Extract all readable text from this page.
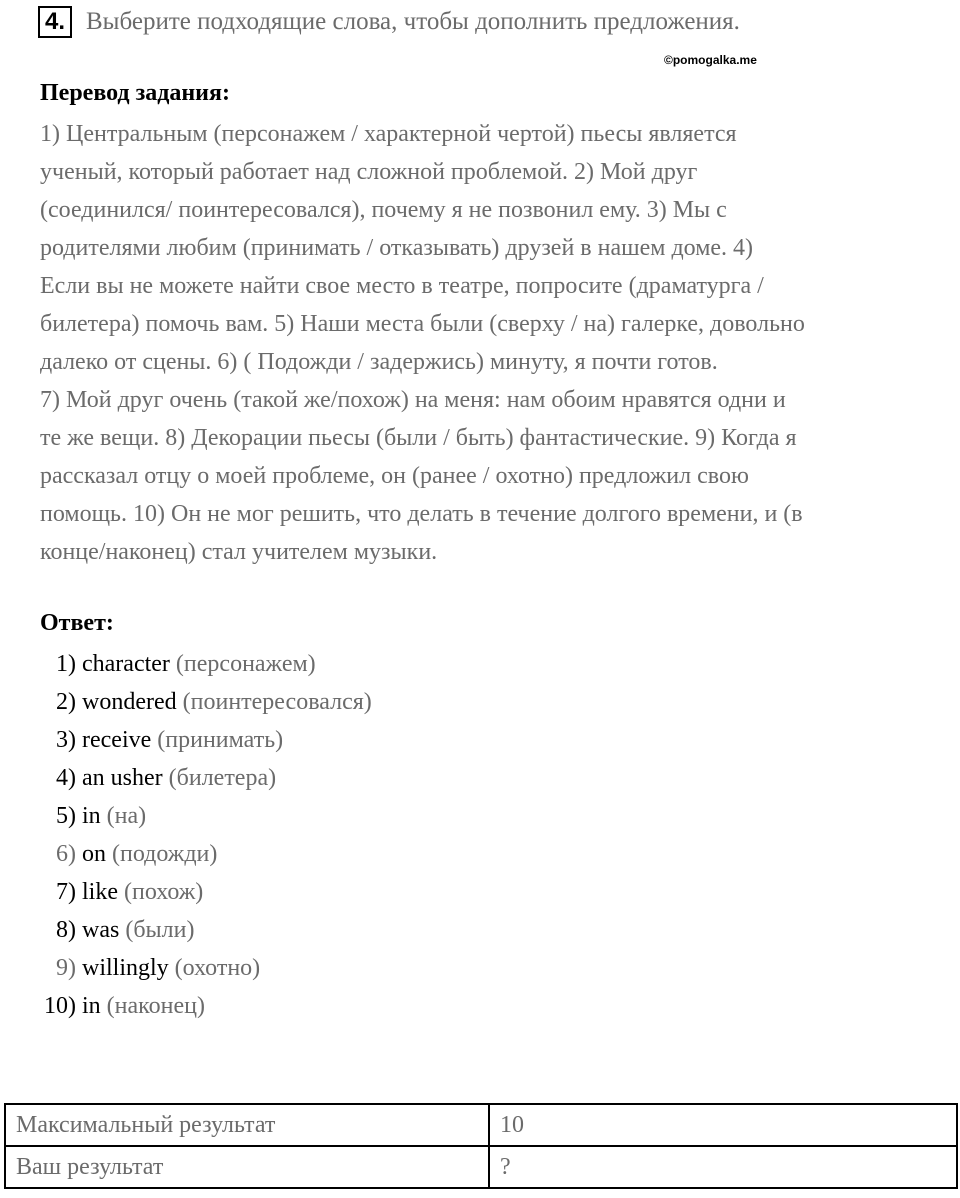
4. Выберите подходящие слова, чтобы дополнить предложения.
©pomogalka.me
Перевод задания:
1) Центральным (персонажем / характерной чертой) пьесы является
ученый, который работает над сложной проблемой. 2) Мой друг
(соединился/ поинтересовался), почему я не позвонил ему. 3) Мы с
родителями любим (принимать / отказывать) друзей в нашем доме. 4)
Если вы не можете найти свое место в театре, попросите (драматурга /
билетера) помочь вам. 5) Наши места были (сверху / на) галерке, довольно
далеко от сцены. 6) ( Подожди / задержись) минуту, я почти готов.
7) Мой друг очень (такой же/похож) на меня: нам обоим нравятся одни и
те же вещи. 8) Декорации пьесы (были / быть) фантастические. 9) Когда я
рассказал отцу о моей проблеме, он (ранее / охотно) предложил свою
помощь. 10) Он не мог решить, что делать в течение долгого времени, и (в
конце/наконец) стал учителем музыки.
Ответ:
1) character (персонажем)
2) wondered (поинтересовался)
3) receive (принимать)
4) an usher (билетера)
5) in (на)
6) on (подожди)
7) like (похож)
8) was (были)
9) willingly (охотно)
10) in (наконец)
Максимальный результат	10
Ваш результат	?
